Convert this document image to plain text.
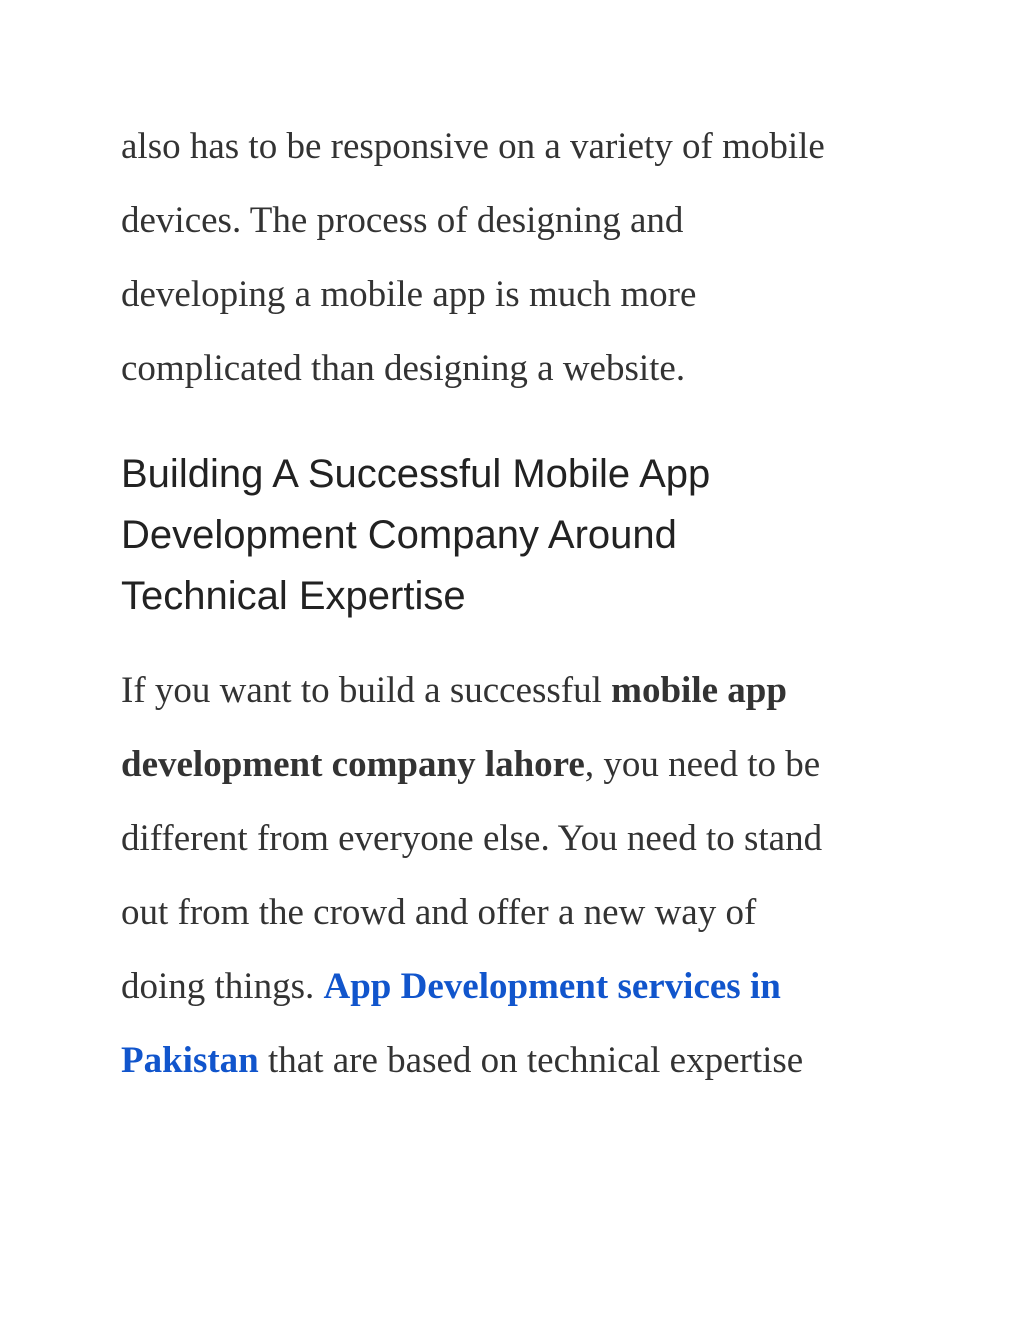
also has to be responsive on a variety of mobile
devices. The process of designing and
developing a mobile app is much more
complicated than designing a website.

Building A Successful Mobile App
Development Company Around
Technical Expertise

If you want to build a successful mobile app
development company lahore, you need to be
different from everyone else. You need to stand
out from the crowd and offer a new way of
doing things. App Development services in
Pakistan that are based on technical expertise
